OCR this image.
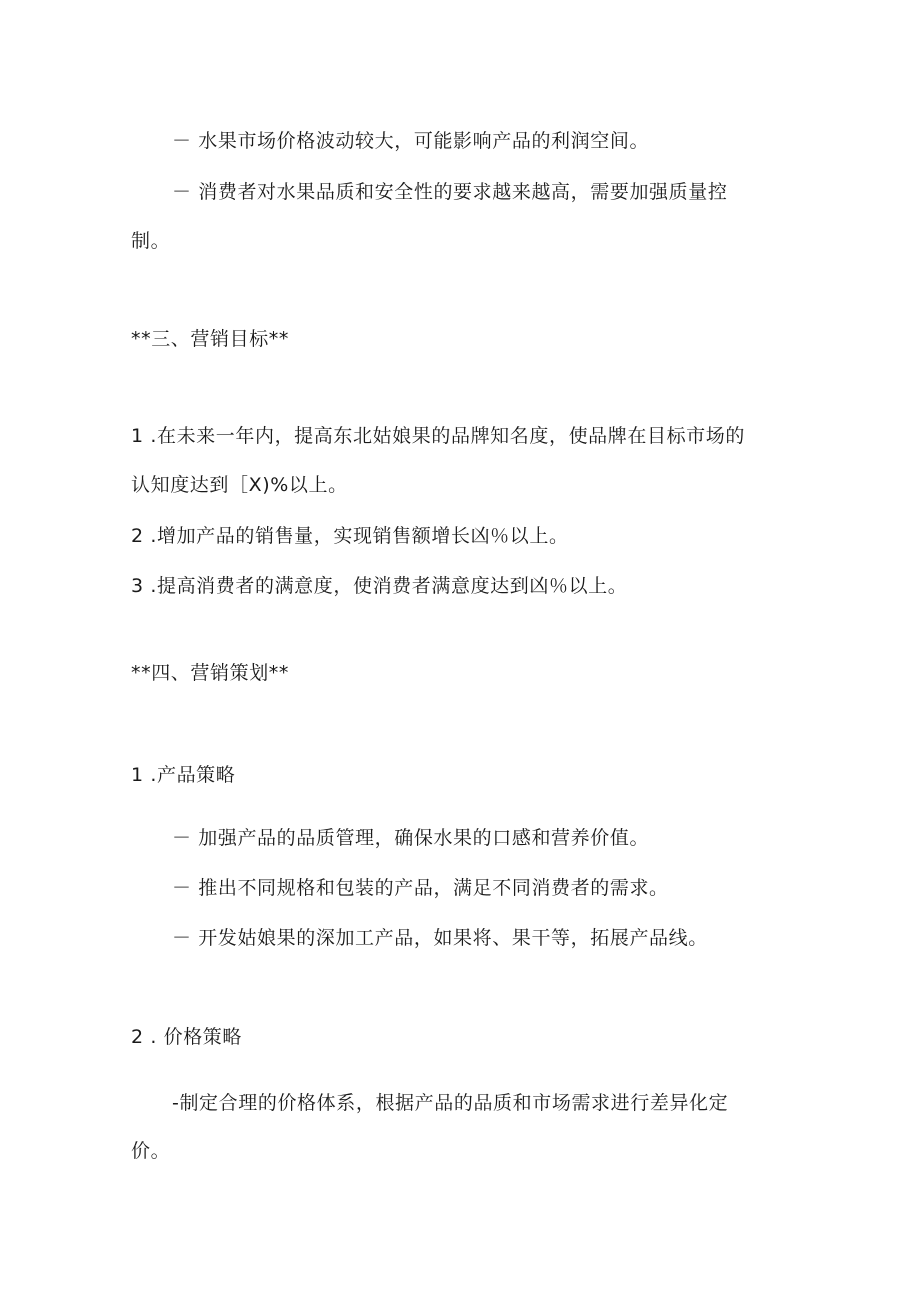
－ 水果市场价格波动较大，可能影响产品的利润空间。
－ 消费者对水果品质和安全性的要求越来越高，需要加强质量控
制。
**三、营销目标**
1 .在未来一年内，提高东北姑娘果的品牌知名度，使品牌在目标市场的
认知度达到［X)%以上。
2 .增加产品的销售量，实现销售额增长凶％以上。
3 .提高消费者的满意度，使消费者满意度达到凶％以上。
**四、营销策划**
1 .产品策略
－ 加强产品的品质管理，确保水果的口感和营养价值。
－ 推出不同规格和包装的产品，满足不同消费者的需求。
－ 开发姑娘果的深加工产品，如果将、果干等，拓展产品线。
2 . 价格策略
-制定合理的价格体系，根据产品的品质和市场需求进行差异化定
价。
